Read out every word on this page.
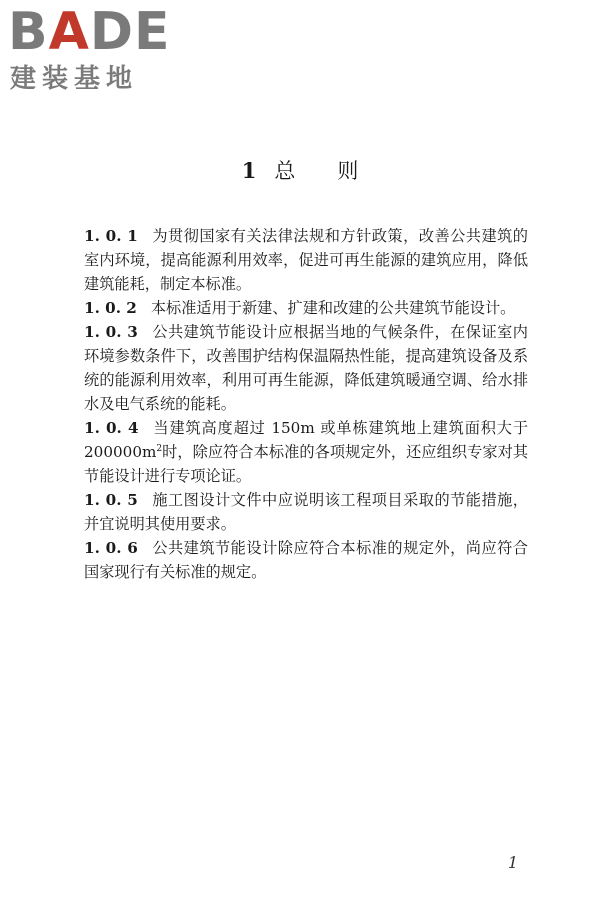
BADE
建装基地
1 总 则

1. 0. 1 为贯彻国家有关法律法规和方针政策，改善公共建筑的室内环境，提高能源利用效率，促进可再生能源的建筑应用，降低建筑能耗，制定本标准。

1. 0. 2 本标准适用于新建、扩建和改建的公共建筑节能设计。

1. 0. 3 公共建筑节能设计应根据当地的气候条件，在保证室内环境参数条件下，改善围护结构保温隔热性能，提高建筑设备及系统的能源利用效率，利用可再生能源，降低建筑暖通空调、给水排水及电气系统的能耗。

1. 0. 4 当建筑高度超过 150m 或单栋建筑地上建筑面积大于 $200000m^2$时，除应符合本标准的各项规定外，还应组织专家对其节能设计进行专项论证。

1. 0. 5 施工图设计文件中应说明该工程项目采取的节能措施，并宜说明其使用要求。

1. 0. 6 公共建筑节能设计除应符合本标准的规定外，尚应符合国家现行有关标准的规定。

1
